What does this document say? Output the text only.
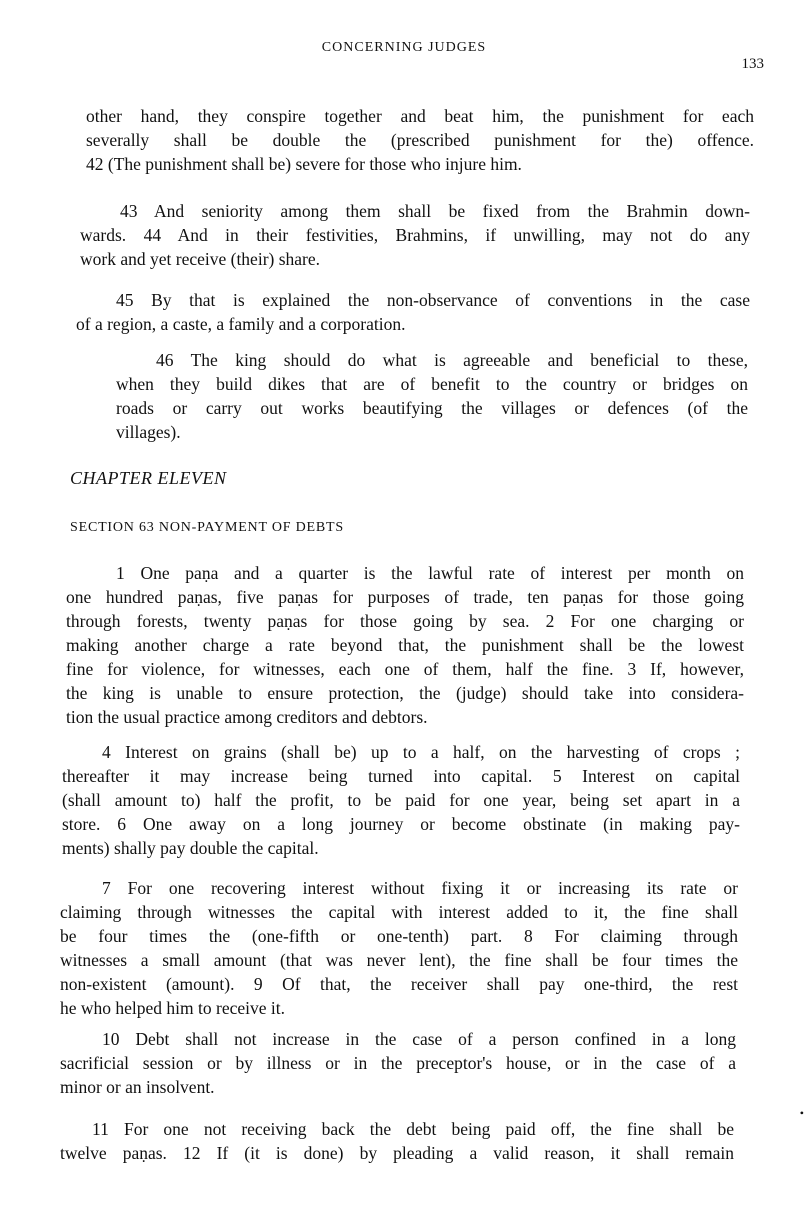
CONCERNING JUDGES
133
other hand, they conspire together and beat him, the punishment for each
severally shall be double the (prescribed punishment for the) offence.
42 (The punishment shall be) severe for those who injure him.
43 And seniority among them shall be fixed from the Brahmin down-
wards. 44 And in their festivities, Brahmins, if unwilling, may not do any
work and yet receive (their) share.
45 By that is explained the non-observance of conventions in the case
of a region, a caste, a family and a corporation.
46 The king should do what is agreeable and beneficial to these,
when they build dikes that are of benefit to the country or bridges on
roads or carry out works beautifying the villages or defences (of the
villages).
CHAPTER ELEVEN
SECTION 63 NON-PAYMENT OF DEBTS
1 One paṇa and a quarter is the lawful rate of interest per month on
one hundred paṇas, five paṇas for purposes of trade, ten paṇas for those going
through forests, twenty paṇas for those going by sea. 2 For one charging or
making another charge a rate beyond that, the punishment shall be the lowest
fine for violence, for witnesses, each one of them, half the fine. 3 If, however,
the king is unable to ensure protection, the (judge) should take into considera-
tion the usual practice among creditors and debtors.
4 Interest on grains (shall be) up to a half, on the harvesting of crops ;
thereafter it may increase being turned into capital. 5 Interest on capital
(shall amount to) half the profit, to be paid for one year, being set apart in a
store. 6 One away on a long journey or become obstinate (in making pay-
ments) shally pay double the capital.
7 For one recovering interest without fixing it or increasing its rate or
claiming through witnesses the capital with interest added to it, the fine shall
be four times the (one-fifth or one-tenth) part. 8 For claiming through
witnesses a small amount (that was never lent), the fine shall be four times the
non-existent (amount). 9 Of that, the receiver shall pay one-third, the rest
he who helped him to receive it.
10 Debt shall not increase in the case of a person confined in a long
sacrificial session or by illness or in the preceptor's house, or in the case of a
minor or an insolvent.
11 For one not receiving back the debt being paid off, the fine shall be
twelve paṇas. 12 If (it is done) by pleading a valid reason, it shall remain
•
